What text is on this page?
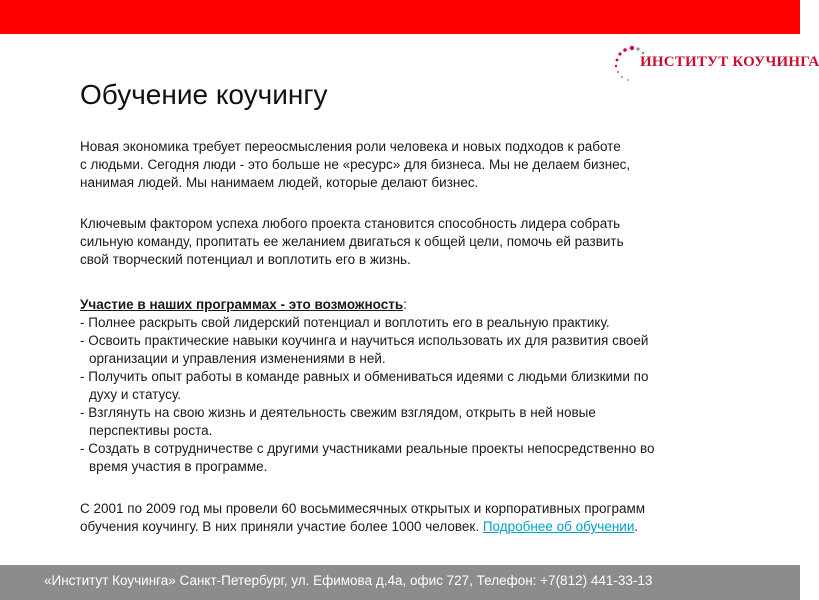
ИНСТИТУТ КОУЧИНГА
Обучение коучингу

Новая экономика требует переосмысления роли человека и новых подходов к работе
с людьми. Сегодня люди - это больше не «ресурс» для бизнеса. Мы не делаем бизнес,
нанимая людей. Мы нанимаем людей, которые делают бизнес.

Ключевым фактором успеха любого проекта становится способность лидера собрать
сильную команду, пропитать ее желанием двигаться к общей цели, помочь ей развить
свой творческий потенциал и воплотить его в жизнь.

Участие в наших программах - это возможность:
- Полнее раскрыть свой лидерский потенциал и воплотить его в реальную практику.
- Освоить практические навыки коучинга и научиться использовать их для развития своей
организации и управления изменениями в ней.
- Получить опыт работы в команде равных и обмениваться идеями с людьми близкими по
духу и статусу.
- Взглянуть на свою жизнь и деятельность свежим взглядом, открыть в ней новые
перспективы роста.
- Создать в сотрудничестве с другими участниками реальные проекты непосредственно во
время участия в программе.

С 2001 по 2009 год мы провели 60 восьмимесячных открытых и корпоративных программ
обучения коучингу. В них приняли участие более 1000 человек. Подробнее об обучении.

«Институт Коучинга» Санкт-Петербург, ул. Ефимова д.4а, офис 727, Телефон: +7(812) 441-33-13
